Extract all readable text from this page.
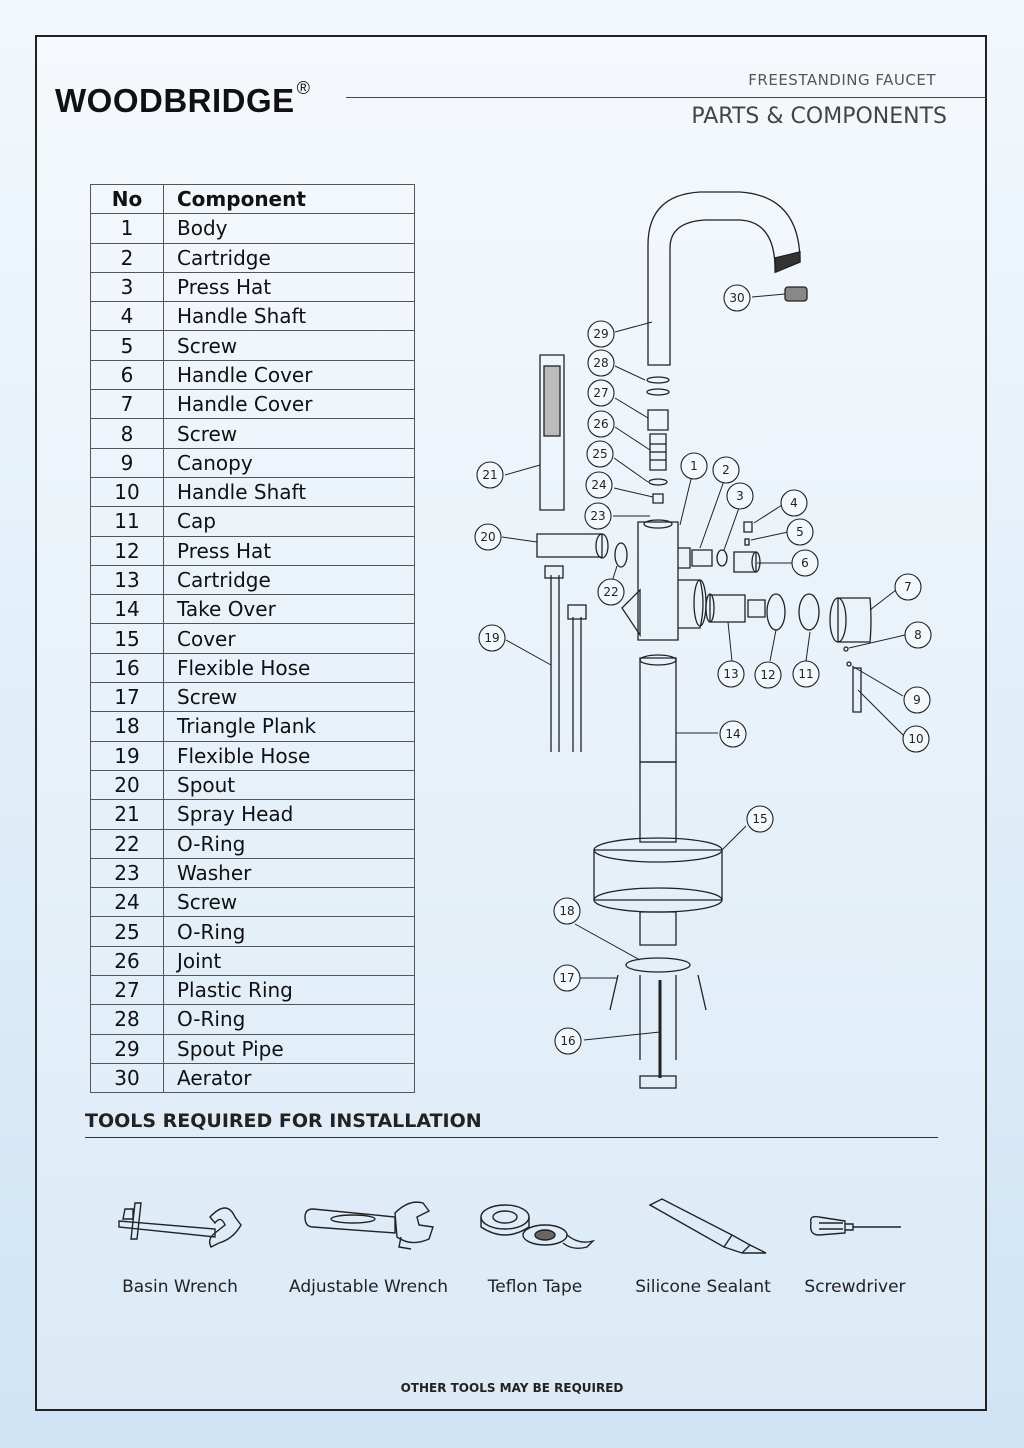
WOODBRIDGE ®	FREESTANDING FAUCET
PARTS & COMPONENTS
No	Component
1	Body
2	Cartridge
3	Press Hat
4	Handle Shaft
5	Screw
6	Handle Cover
7	Handle Cover
8	Screw
9	Canopy
10	Handle Shaft
11	Cap
12	Press Hat
13	Cartridge
14	Take Over
15	Cover
16	Flexible Hose
17	Screw
18	Triangle Plank
19	Flexible Hose
20	Spout
21	Spray Head
22	O-Ring
23	Washer
24	Screw
25	O-Ring
26	Joint
27	Plastic Ring
28	O-Ring
29	Spout Pipe
30	Aerator
1 2
3	4
5
6
7
8
9
10
11
12
13
14
15
16
17
18
19
20
21
22
23
24
25
26
27
28
29
30
TOOLS REQUIRED FOR INSTALLATION
Basin Wrench	Adjustable Wrench	Teflon Tape	Silicone Sealant	Screwdriver
OTHER TOOLS MAY BE REQUIRED
